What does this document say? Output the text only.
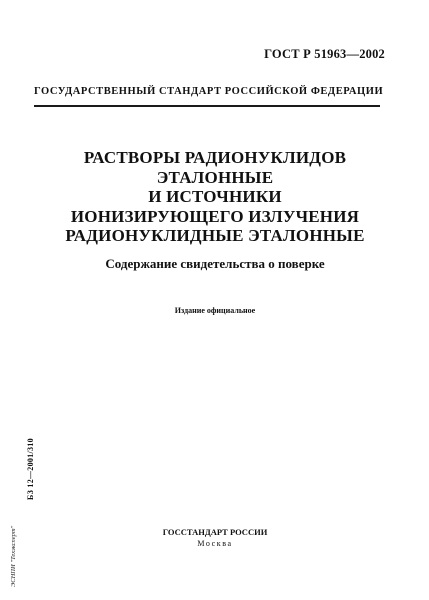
ГОСТ Р 51963—2002
ГОСУДАРСТВЕННЫЙ СТАНДАРТ РОССИЙСКОЙ ФЕДЕРАЦИИ
РАСТВОРЫ РАДИОНУКЛИДОВ
ЭТАЛОННЫЕ
И ИСТОЧНИКИ
ИОНИЗИРУЮЩЕГО ИЗЛУЧЕНИЯ
РАДИОНУКЛИДНЫЕ ЭТАЛОННЫЕ
Содержание свидетельства о поверке
Издание официальное
БЗ 12—2001/310
ЭСНПИ "Техэксперт"	ГОССТАНДАРТ РОССИИ
Москва
